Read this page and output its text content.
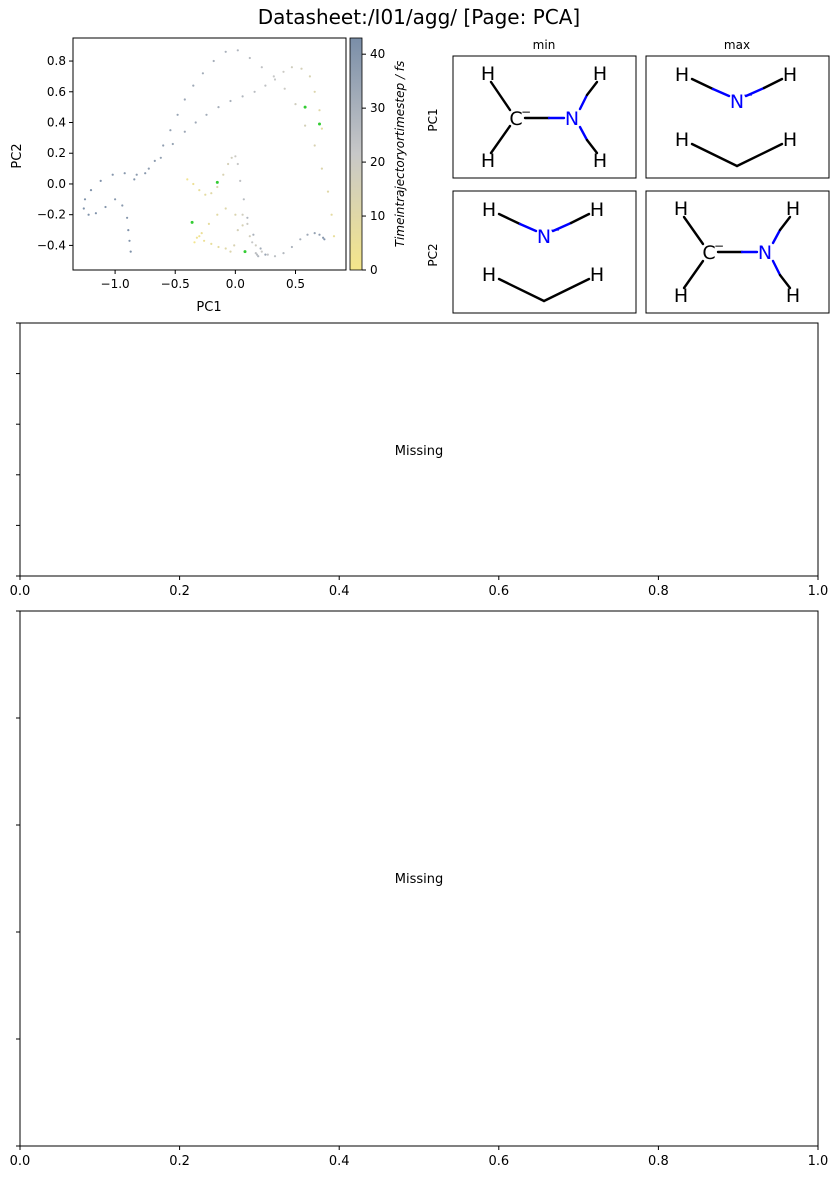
Datasheet:/I01/agg/ [Page: PCA]
−1.0	−0.5	0.0	0.5
−0.4
−0.2
0.0
0.2
0.4
0.6
0.8
PC1
PC2
0
10
20
30
40
Timeintrajectoryortimestep / fs
min	max
PC1
PC2
H
H
C
− N
H
H
H
N
−
H
H	H
H
N
−
H
H	H
H
H
C
− N
H
H
Missing
0.0	0.2	0.4	0.6	0.8	1.0
Missing
0.0	0.2	0.4	0.6	0.8	1.0
